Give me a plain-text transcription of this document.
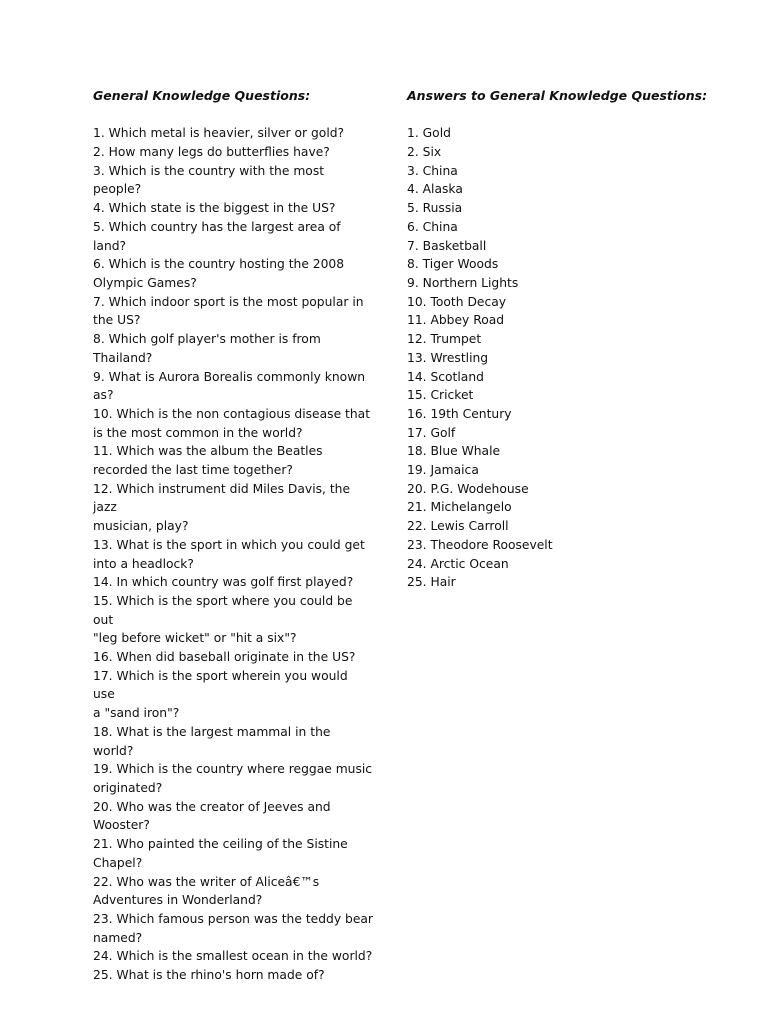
General Knowledge Questions:
1. Which metal is heavier, silver or gold?
2. How many legs do butterflies have?
3. Which is the country with the most people?
4. Which state is the biggest in the US?
5. Which country has the largest area of land?
6. Which is the country hosting the 2008
Olympic Games?
7. Which indoor sport is the most popular in
the US?
8. Which golf player's mother is from
Thailand?
9. What is Aurora Borealis commonly known
as?
10. Which is the non contagious disease that
is the most common in the world?
11. Which was the album the Beatles
recorded the last time together?
12. Which instrument did Miles Davis, the jazz
musician, play?
13. What is the sport in which you could get
into a headlock?
14. In which country was golf first played?
15. Which is the sport where you could be out
"leg before wicket" or "hit a six"?
16. When did baseball originate in the US?
17. Which is the sport wherein you would use
a "sand iron"?
18. What is the largest mammal in the world?
19. Which is the country where reggae music
originated?
20. Who was the creator of Jeeves and
Wooster?
21. Who painted the ceiling of the Sistine
Chapel?
22. Who was the writer of Aliceâ€™s
Adventures in Wonderland?
23. Which famous person was the teddy bear
named?
24. Which is the smallest ocean in the world?
25. What is the rhino's horn made of?
Answers to General Knowledge Questions:
1. Gold
2. Six
3. China
4. Alaska
5. Russia
6. China
7. Basketball
8. Tiger Woods
9. Northern Lights
10. Tooth Decay
11. Abbey Road
12. Trumpet
13. Wrestling
14. Scotland
15. Cricket
16. 19th Century
17. Golf
18. Blue Whale
19. Jamaica
20. P.G. Wodehouse
21. Michelangelo
22. Lewis Carroll
23. Theodore Roosevelt
24. Arctic Ocean
25. Hair
